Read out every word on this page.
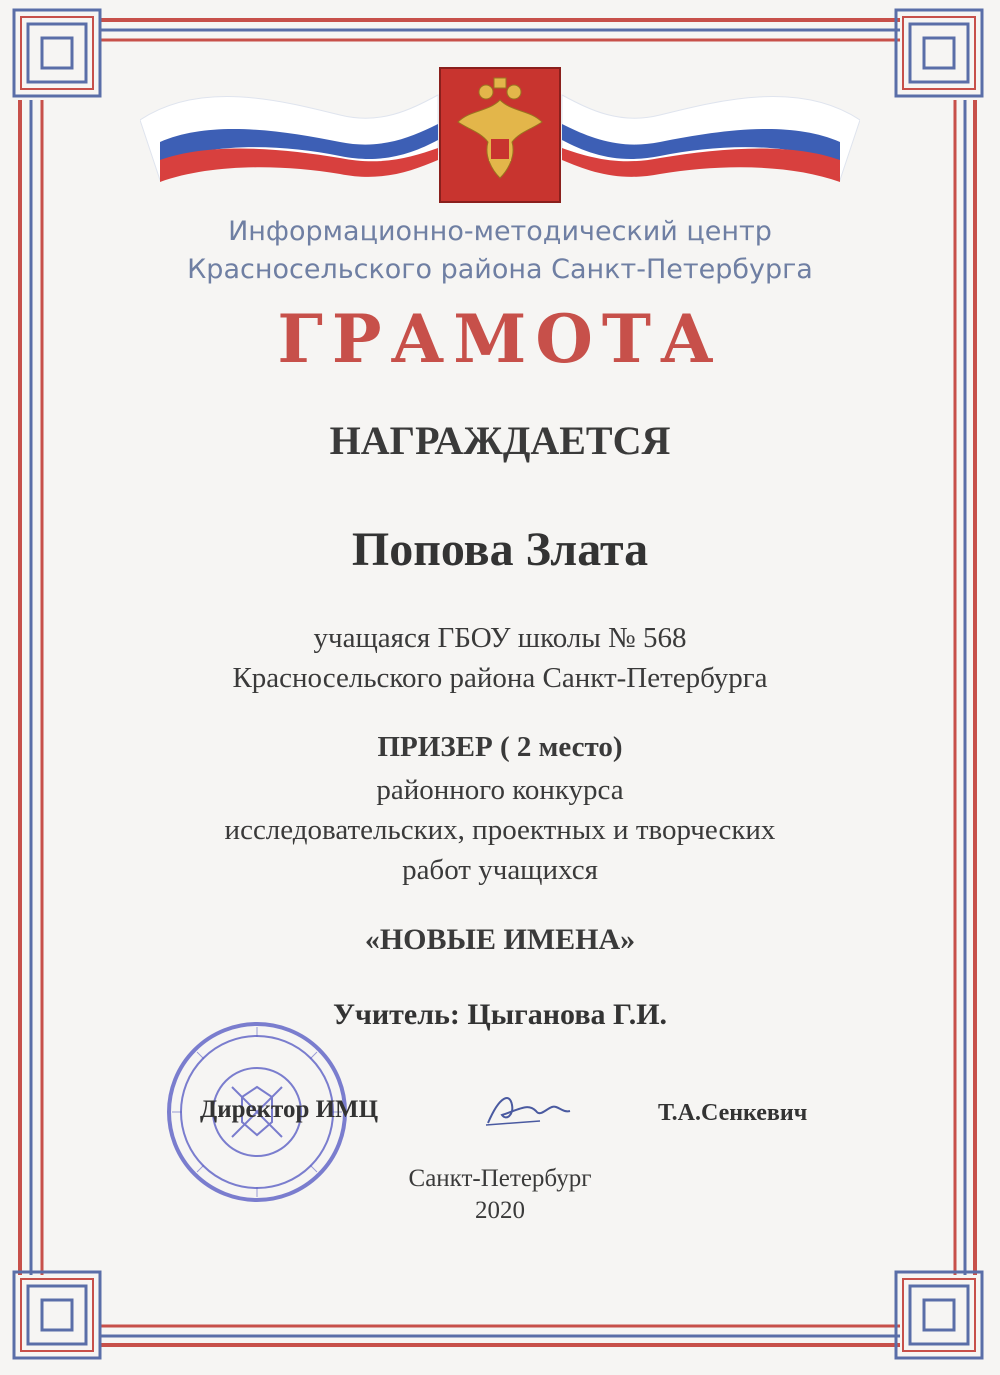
Информационно-методический центр
Красносельского района Санкт-Петербурга
ГРАМОТА
НАГРАЖДАЕТСЯ
Попова Злата
учащаяся ГБОУ школы № 568
Красносельского района Санкт-Петербурга
ПРИЗЕР ( 2 место)
районного конкурса
исследовательских, проектных и творческих
работ учащихся
«НОВЫЕ ИМЕНА»
Учитель: Цыганова Г.И.
Директор ИМЦ	Т.А.Сенкевич
Санкт-Петербург
2020
